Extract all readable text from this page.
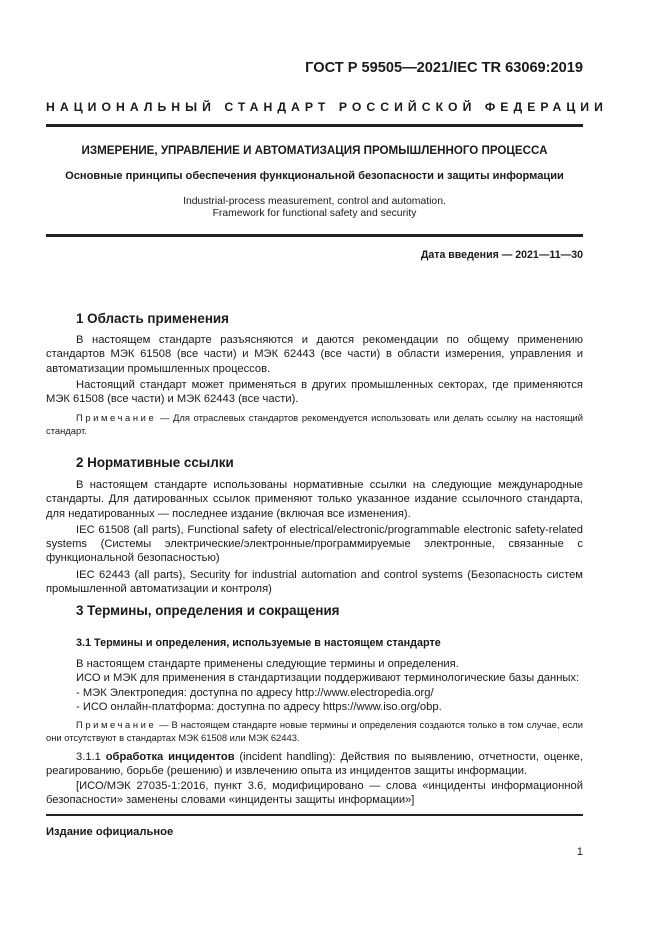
ГОСТ Р 59505—2021/IEC TR 63069:2019
НАЦИОНАЛЬНЫЙ СТАНДАРТ РОССИЙСКОЙ ФЕДЕРАЦИИ
ИЗМЕРЕНИЕ, УПРАВЛЕНИЕ И АВТОМАТИЗАЦИЯ ПРОМЫШЛЕННОГО ПРОЦЕССА
Основные принципы обеспечения функциональной безопасности и защиты информации
Industrial-process measurement, control and automation.
Framework for functional safety and security
Дата введения — 2021—11—30
1 Область применения
В настоящем стандарте разъясняются и даются рекомендации по общему применению стандартов МЭК 61508 (все части) и МЭК 62443 (все части) в области измерения, управления и автоматизации промышленных процессов.
Настоящий стандарт может применяться в других промышленных секторах, где применяются МЭК 61508 (все части) и МЭК 62443 (все части).
Примечание — Для отраслевых стандартов рекомендуется использовать или делать ссылку на настоящий стандарт.
2 Нормативные ссылки
В настоящем стандарте использованы нормативные ссылки на следующие международные стандарты. Для датированных ссылок применяют только указанное издание ссылочного стандарта, для недатированных — последнее издание (включая все изменения).
IEC 61508 (all parts), Functional safety of electrical/electronic/programmable electronic safety-related systems (Системы электрические/электронные/программируемые электронные, связанные с функциональной безопасностью)
IEC 62443 (all parts), Security for industrial automation and control systems (Безопасность систем промышленной автоматизации и контроля)
3 Термины, определения и сокращения
3.1 Термины и определения, используемые в настоящем стандарте
В настоящем стандарте применены следующие термины и определения.
ИСО и МЭК для применения в стандартизации поддерживают терминологические базы данных:
- МЭК Электропедия: доступна по адресу http://www.electropedia.org/
- ИСО онлайн-платформа: доступна по адресу https://www.iso.org/obp.
Примечание — В настоящем стандарте новые термины и определения создаются только в том случае, если они отсутствуют в стандартах МЭК 61508 или МЭК 62443.
3.1.1 обработка инцидентов (incident handling): Действия по выявлению, отчетности, оценке, реагированию, борьбе (решению) и извлечению опыта из инцидентов защиты информации.
[ИСО/МЭК 27035-1:2016, пункт 3.6, модифицировано — слова «инциденты информационной безопасности» заменены словами «инциденты защиты информации»]
Издание официальное
1
